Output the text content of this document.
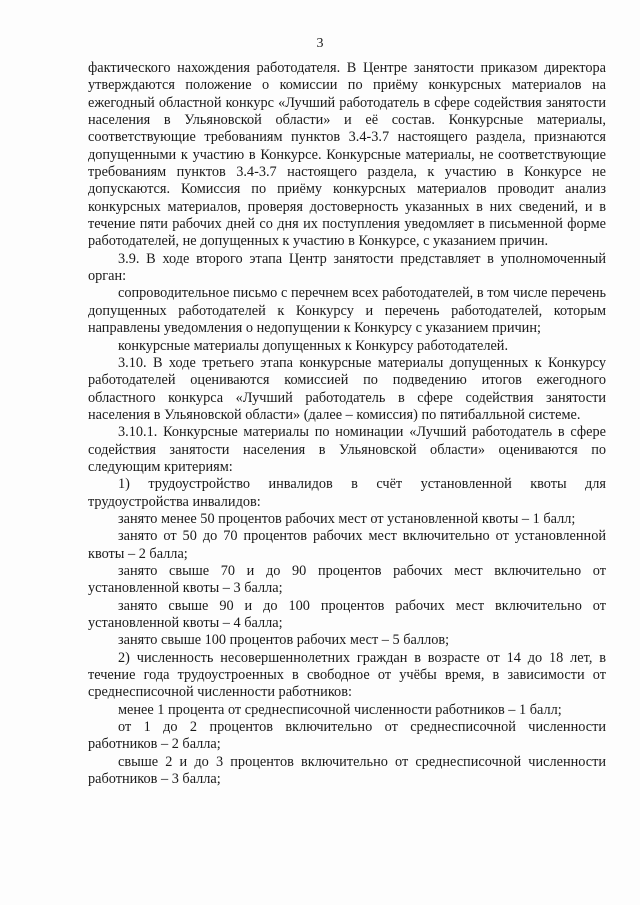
3

фактического нахождения работодателя. В Центре занятости приказом директора утверждаются положение о комиссии по приёму конкурсных материалов на ежегодный областной конкурс «Лучший работодатель в сфере содействия занятости населения в Ульяновской области» и её состав. Конкурсные материалы, соответствующие требованиям пунктов 3.4-3.7 настоящего раздела, признаются допущенными к участию в Конкурсе. Конкурсные материалы, не соответствующие требованиям пунктов 3.4-3.7 настоящего раздела, к участию в Конкурсе не допускаются. Комиссия по приёму конкурсных материалов проводит анализ конкурсных материалов, проверяя достоверность указанных в них сведений, и в течение пяти рабочих дней со дня их поступления уведомляет в письменной форме работодателей, не допущенных к участию в Конкурсе, с указанием причин.

3.9. В ходе второго этапа Центр занятости представляет в уполномоченный орган:

сопроводительное письмо с перечнем всех работодателей, в том числе перечень допущенных работодателей к Конкурсу и перечень работодателей, которым направлены уведомления о недопущении к Конкурсу с указанием причин;

конкурсные материалы допущенных к Конкурсу работодателей.

3.10. В ходе третьего этапа конкурсные материалы допущенных к Конкурсу работодателей оцениваются комиссией по подведению итогов ежегодного областного конкурса «Лучший работодатель в сфере содействия занятости населения в Ульяновской области» (далее – комиссия) по пятибалльной системе.

3.10.1. Конкурсные материалы по номинации «Лучший работодатель в сфере содействия занятости населения в Ульяновской области» оцениваются по следующим критериям:

1) трудоустройство инвалидов в счёт установленной квоты для трудоустройства инвалидов:

занято менее 50 процентов рабочих мест от установленной квоты – 1 балл;

занято от 50 до 70 процентов рабочих мест включительно от установленной квоты – 2 балла;

занято свыше 70 и до 90 процентов рабочих мест включительно от установленной квоты – 3 балла;

занято свыше 90 и до 100 процентов рабочих мест включительно от установленной квоты – 4 балла;

занято свыше 100 процентов рабочих мест – 5 баллов;

2) численность несовершеннолетних граждан в возрасте от 14 до 18 лет, в течение года трудоустроенных в свободное от учёбы время, в зависимости от среднесписочной численности работников:

менее 1 процента от среднесписочной численности работников – 1 балл;

от 1 до 2 процентов включительно от среднесписочной численности работников – 2 балла;

свыше 2 и до 3 процентов включительно от среднесписочной численности работников – 3 балла;
